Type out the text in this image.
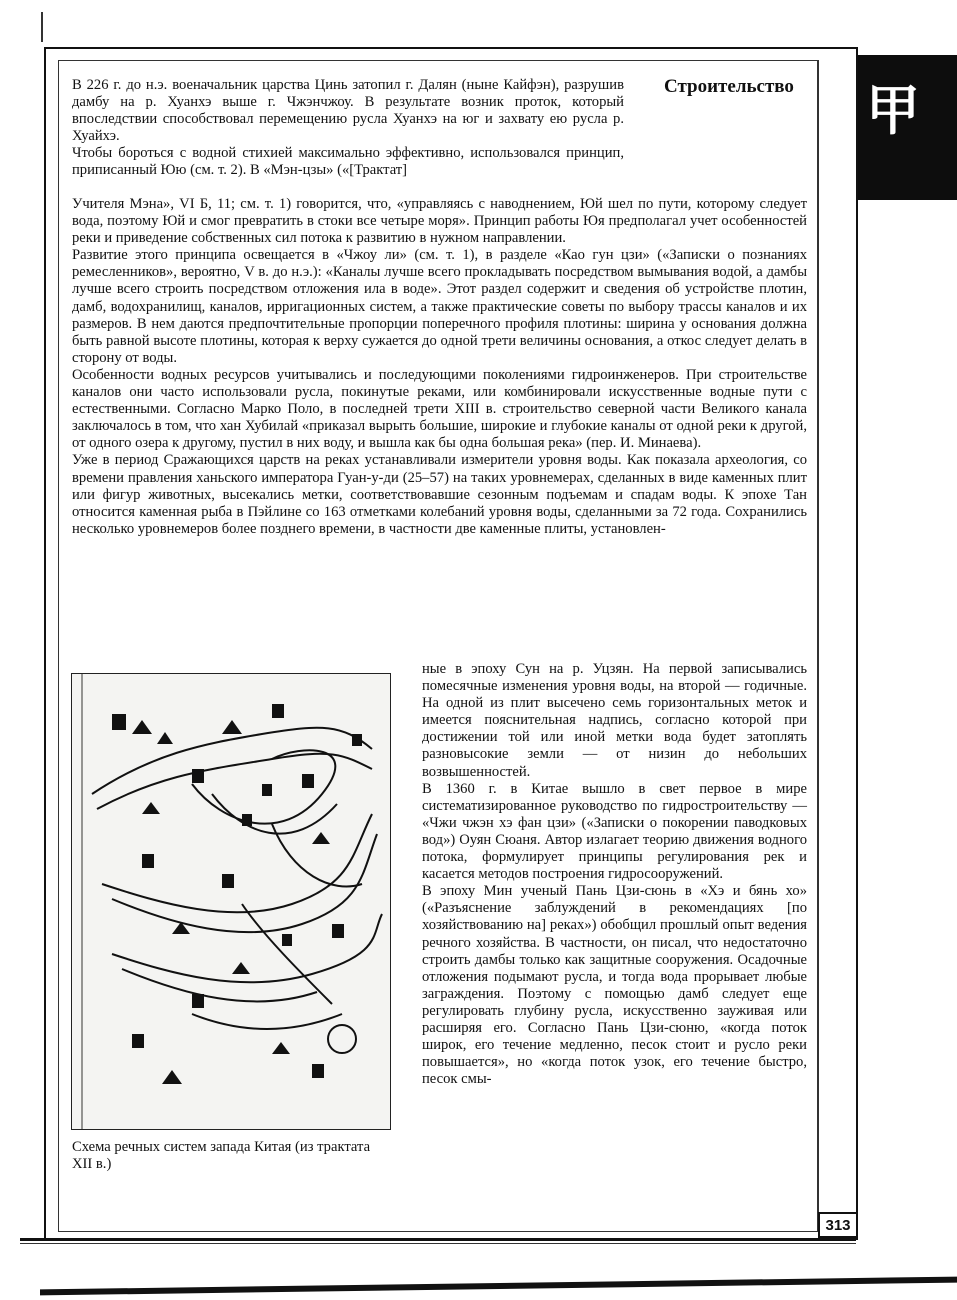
甲
Строительство

В 226 г. до н.э. военачальник царства Цинь затопил г. Далян (ныне Кайфэн), разрушив дамбу на р. Хуанхэ выше г. Чжэнчжоу. В результате возник проток, который впоследствии способствовал перемещению русла Хуанхэ на юг и захвату ею русла р. Хуайхэ.

Чтобы бороться с водной стихией максимально эффективно, использовался принцип, приписанный Юю (см. т. 2). В «Мэн-цзы» («[Трактат]

Учителя Мэна», VI Б, 11; см. т. 1) говорится, что, «управляясь с наводнением, Юй шел по пути, которому следует вода, поэтому Юй и смог превратить в стоки все четыре моря». Принцип работы Юя предполагал учет особенностей реки и приведение собственных сил потока к развитию в нужном направлении.

Развитие этого принципа освещается в «Чжоу ли» (см. т. 1), в разделе «Као гун цзи» («Записки о познаниях ремесленников», вероятно, V в. до н.э.): «Каналы лучше всего прокладывать посредством вымывания водой, а дамбы лучше всего строить посредством отложения ила в воде». Этот раздел содержит и сведения об устройстве плотин, дамб, водохранилищ, каналов, ирригационных систем, а также практические советы по выбору трассы каналов и их размеров. В нем даются предпочтительные пропорции поперечного профиля плотины: ширина у основания должна быть равной высоте плотины, которая к верху сужается до одной трети величины основания, а откос следует делать в сторону от воды.

Особенности водных ресурсов учитывались и последующими поколениями гидроинженеров. При строительстве каналов они часто использовали русла, покинутые реками, или комбинировали искусственные водные пути с естественными. Согласно Марко Поло, в последней трети XIII в. строительство северной части Великого канала заключалось в том, что хан Хубилай «приказал вырыть большие, широкие и глубокие каналы от одной реки к другой, от одного озера к другому, пустил в них воду, и вышла как бы одна большая река» (пер. И. Минаева).

Уже в период Сражающихся царств на реках устанавливали измерители уровня воды. Как показала археология, со времени правления ханьского императора Гуан-у-ди (25–57) на таких уровнемерах, сделанных в виде каменных плит или фигур животных, высекались метки, соответствовавшие сезонным подъемам и спадам воды. К эпохе Тан относится каменная рыба в Пэйлине со 163 отметками колебаний уровня воды, сделанными за 72 года. Сохранились несколько уровнемеров более позднего времени, в частности две каменные плиты, установлен-

Схема речных систем запада Китая (из трактата XII в.)

ные в эпоху Сун на р. Уцзян. На первой записывались помесячные изменения уровня воды, на второй — годичные. На одной из плит высечено семь горизонтальных меток и имеется пояснительная надпись, согласно которой при достижении той или иной метки вода будет затоплять разновысокие земли — от низин до небольших возвышенностей.

В 1360 г. в Китае вышло в свет первое в мире систематизированное руководство по гидростроительству — «Чжи чжэн хэ фан цзи» («Записки о покорении паводковых вод») Оуян Сюаня. Автор излагает теорию движения водного потока, формулирует принципы регулирования рек и касается методов построения гидросооружений.

В эпоху Мин ученый Пань Цзи-сюнь в «Хэ и бянь хо» («Разъяснение заблуждений в рекомендациях [по хозяйствованию на] реках») обобщил прошлый опыт ведения речного хозяйства. В частности, он писал, что недостаточно строить дамбы только как защитные сооружения. Осадочные отложения подымают русла, и тогда вода прорывает любые заграждения. Поэтому с помощью дамб следует еще регулировать глубину русла, искусственно зауживая или расширяя его. Согласно Пань Цзи-сюню, «когда поток широк, его течение медленно, песок стоит и русло реки повышается», но «когда поток узок, его течение быстро, песок смы-

313
